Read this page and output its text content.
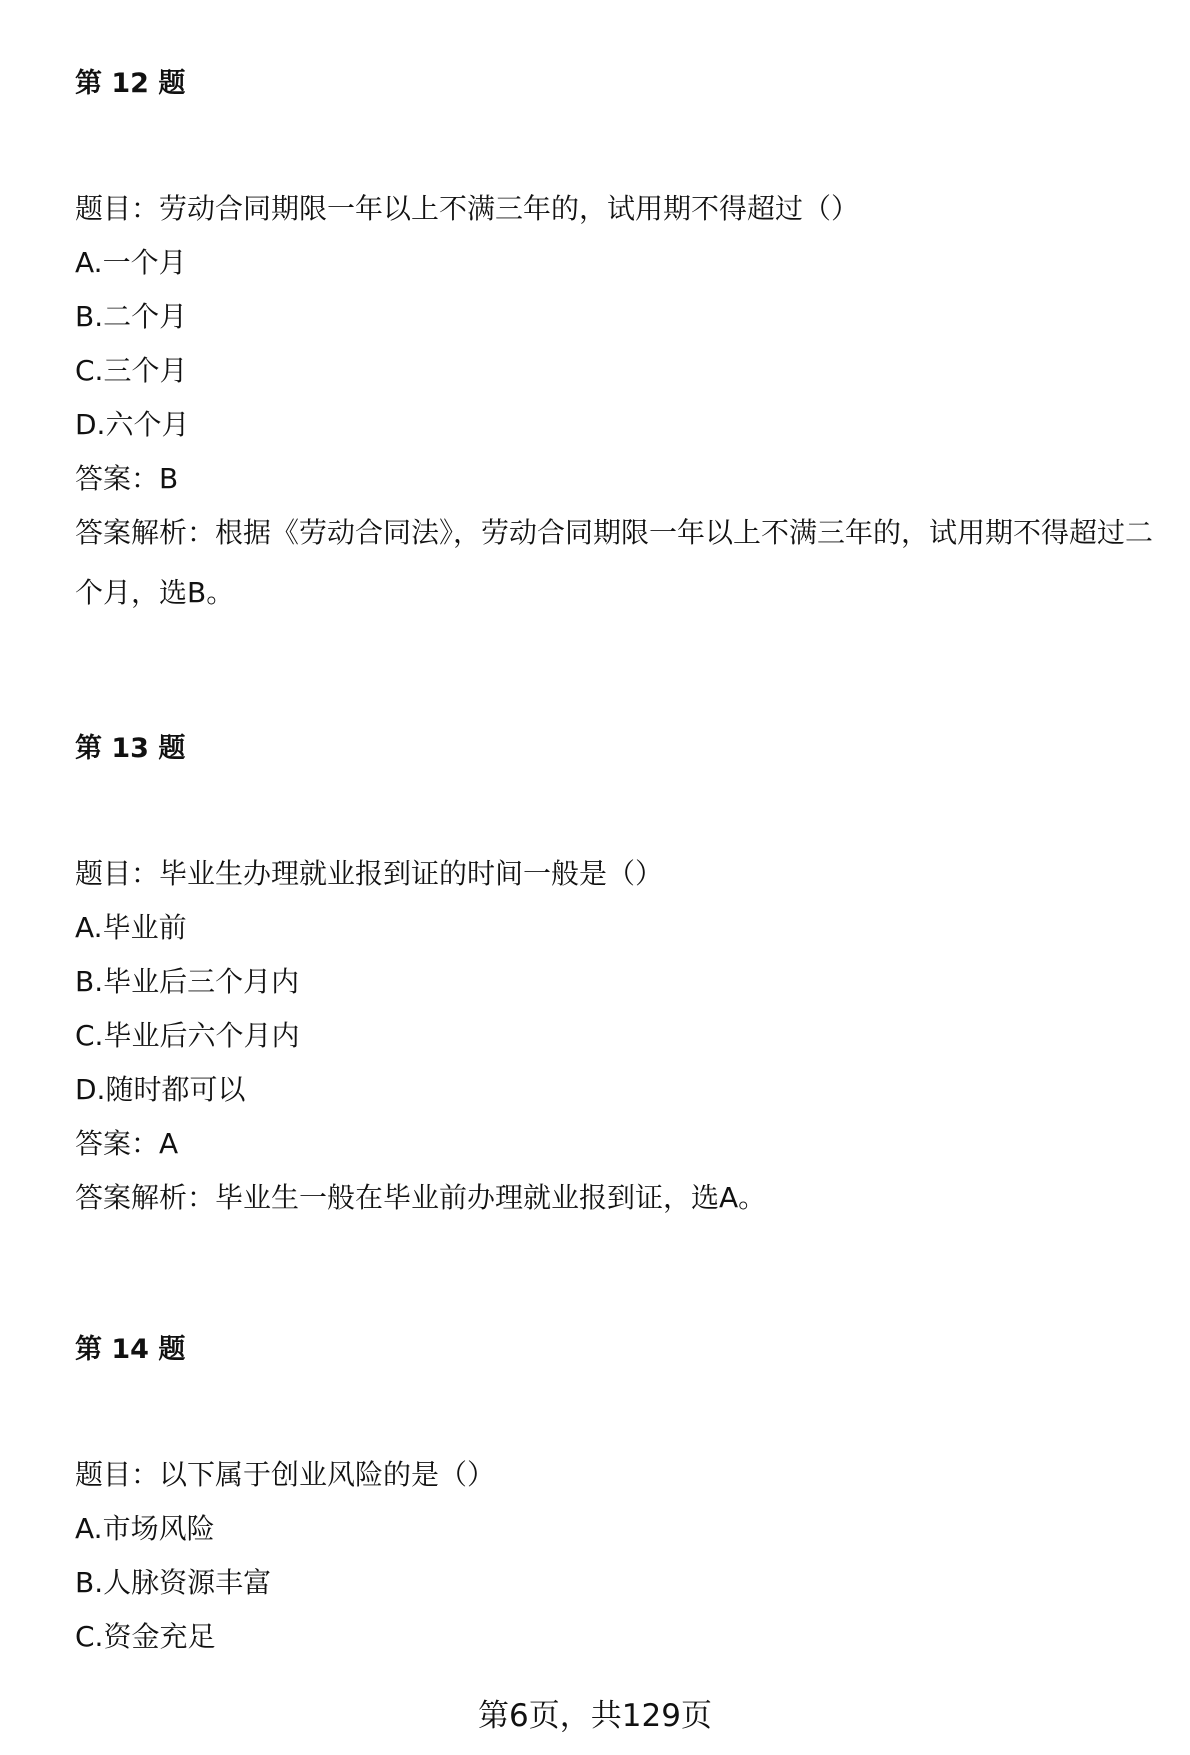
第 12 题
题目：劳动合同期限一年以上不满三年的，试用期不得超过（）
A.一个月
B.二个月
C.三个月
D.六个月
答案：B
答案解析：根据《劳动合同法》，劳动合同期限一年以上不满三年的，试用期不得超过二个月，选B。
第 13 题
题目：毕业生办理就业报到证的时间一般是（）
A.毕业前
B.毕业后三个月内
C.毕业后六个月内
D.随时都可以
答案：A
答案解析：毕业生一般在毕业前办理就业报到证，选A。
第 14 题
题目：以下属于创业风险的是（）
A.市场风险
B.人脉资源丰富
C.资金充足
第6页，共129页
